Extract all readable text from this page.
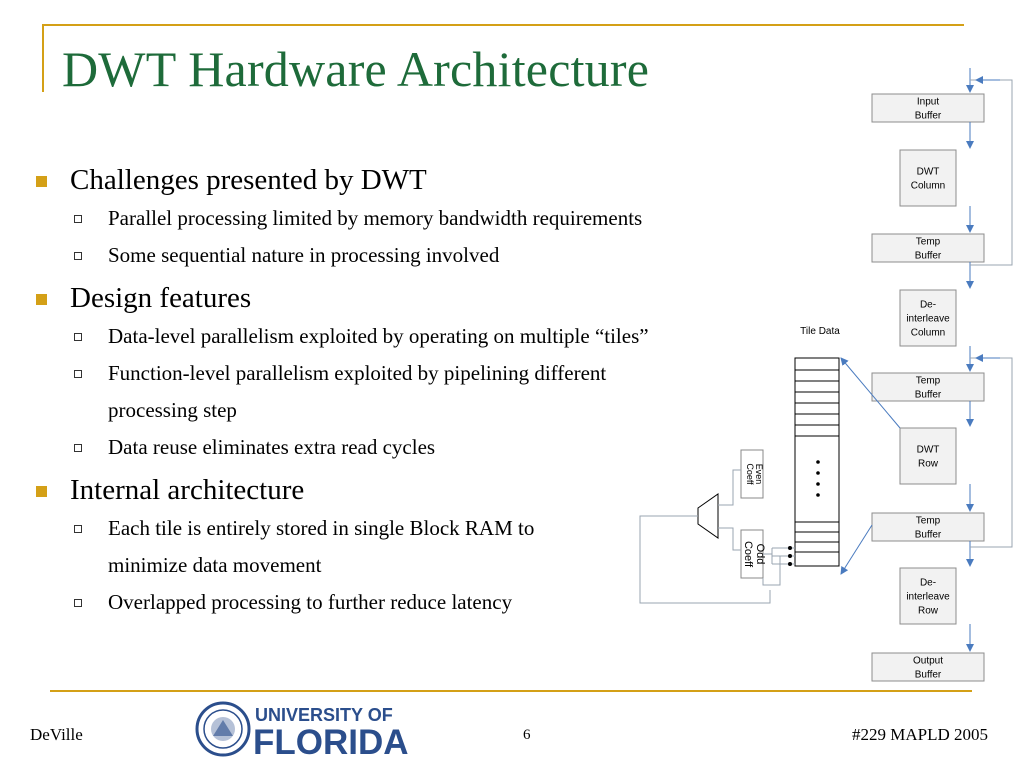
DWT Hardware Architecture
Challenges presented by DWT
Parallel processing limited by memory bandwidth requirements
Some sequential nature in processing involved
Design features
Data-level parallelism exploited by operating on multiple “tiles”
Function-level parallelism exploited by pipelining different
processing step
Data reuse eliminates extra read cycles
Internal architecture
Each tile is entirely stored in single Block RAM to
minimize data movement
Overlapped processing to further reduce latency
Input
Buffer
DWT
Column
Temp
Buffer
De-
interleave
Column
Temp
Buffer
DWT
Row
Temp
Buffer
De-
interleave
Row
Output
Buffer
Tile Data
Even
Coeff
Odd
Coeff
DeVille
UNIVERSITY OF
FLORIDA	6	#229 MAPLD 2005
